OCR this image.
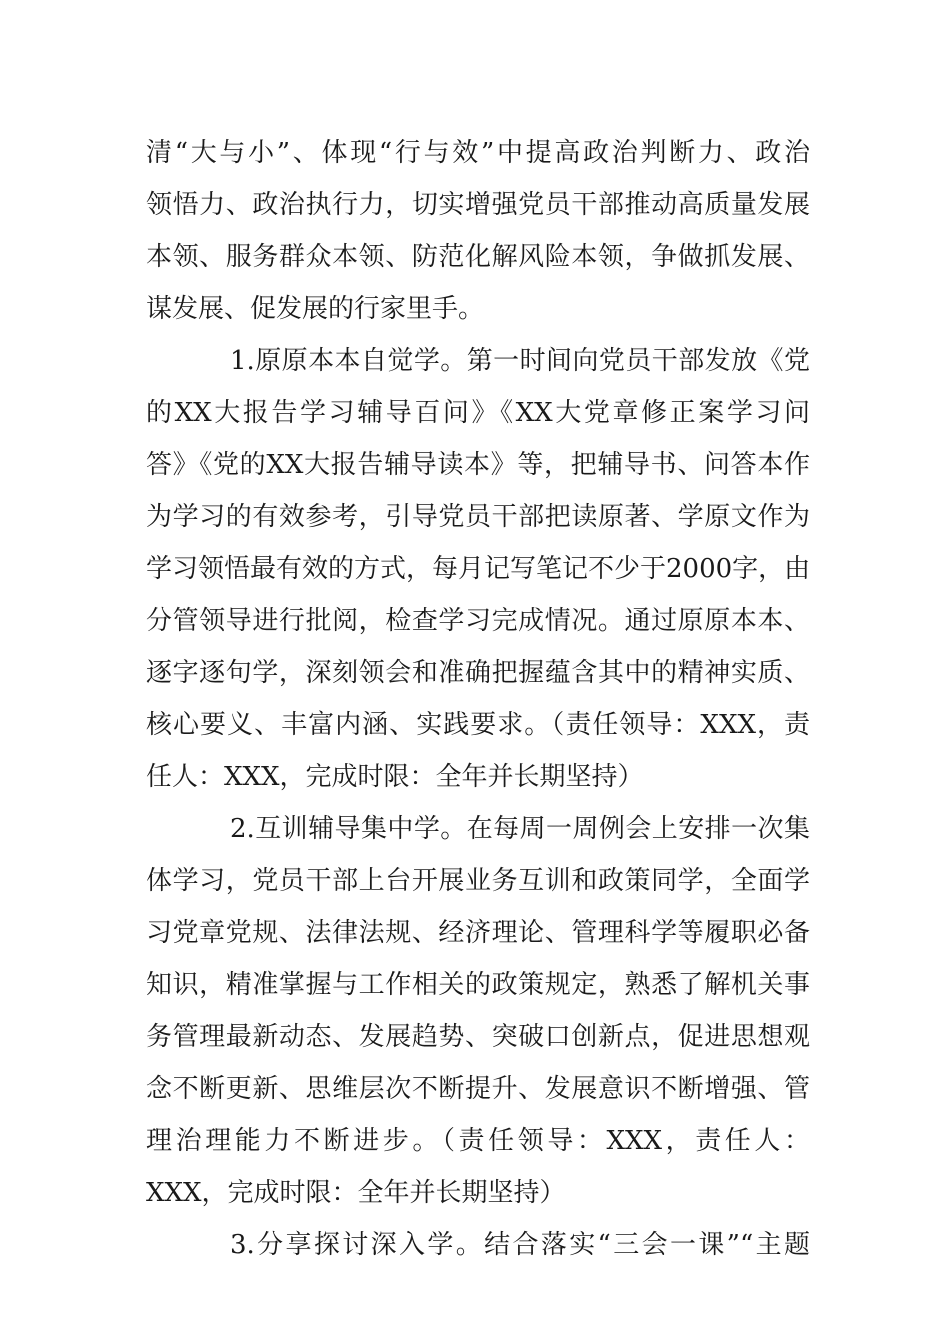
清“大与小”、体现“行与效”中提高政治判断力、政治
领悟力、政治执行力，切实增强党员干部推动高质量发展
本领、服务群众本领、防范化解风险本领，争做抓发展、
谋发展、促发展的行家里手。
1.原原本本自觉学。第一时间向党员干部发放《党
的XX大报告学习辅导百问》《XX大党章修正案学习问
答》《党的XX大报告辅导读本》等，把辅导书、问答本作
为学习的有效参考，引导党员干部把读原著、学原文作为
学习领悟最有效的方式，每月记写笔记不少于2000字，由
分管领导进行批阅，检查学习完成情况。通过原原本本、
逐字逐句学，深刻领会和准确把握蕴含其中的精神实质、
核心要义、丰富内涵、实践要求。（责任领导：XXX，责
任人：XXX，完成时限：全年并长期坚持）
2.互训辅导集中学。在每周一周例会上安排一次集
体学习，党员干部上台开展业务互训和政策同学，全面学
习党章党规、法律法规、经济理论、管理科学等履职必备
知识，精准掌握与工作相关的政策规定，熟悉了解机关事
务管理最新动态、发展趋势、突破口创新点，促进思想观
念不断更新、思维层次不断提升、发展意识不断增强、管
理治理能力不断进步。（责任领导：XXX，责任人：
XXX，完成时限：全年并长期坚持）
3.分享探讨深入学。结合落实“三会一课”“主题
